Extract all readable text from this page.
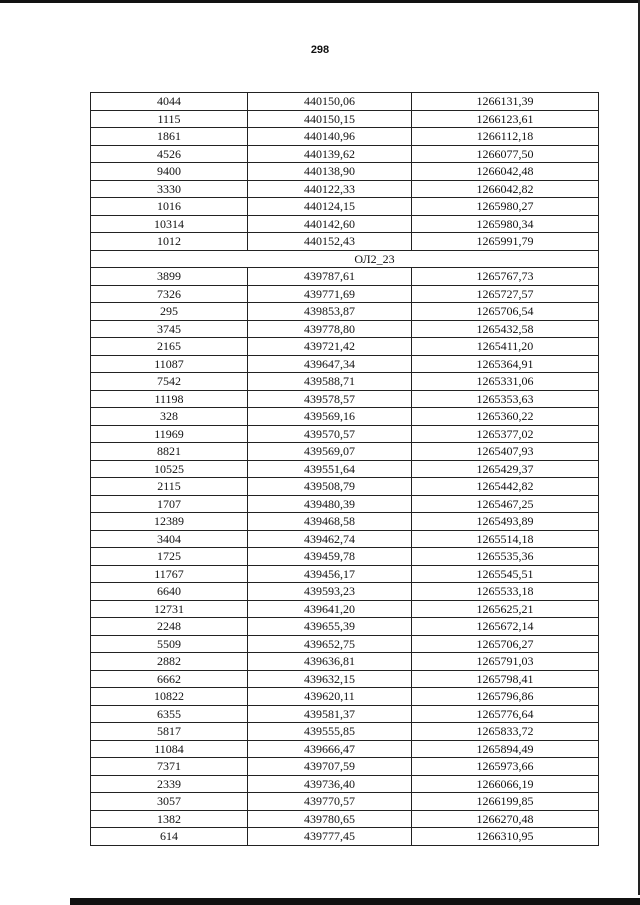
298
4044	440150,06	1266131,39
1115	440150,15	1266123,61
1861	440140,96	1266112,18
4526	440139,62	1266077,50
9400	440138,90	1266042,48
3330	440122,33	1266042,82
1016	440124,15	1265980,27
10314	440142,60	1265980,34
1012	440152,43	1265991,79
ОЛ2_23		
3899	439787,61	1265767,73
7326	439771,69	1265727,57
295	439853,87	1265706,54
3745	439778,80	1265432,58
2165	439721,42	1265411,20
11087	439647,34	1265364,91
7542	439588,71	1265331,06
11198	439578,57	1265353,63
328	439569,16	1265360,22
11969	439570,57	1265377,02
8821	439569,07	1265407,93
10525	439551,64	1265429,37
2115	439508,79	1265442,82
1707	439480,39	1265467,25
12389	439468,58	1265493,89
3404	439462,74	1265514,18
1725	439459,78	1265535,36
11767	439456,17	1265545,51
6640	439593,23	1265533,18
12731	439641,20	1265625,21
2248	439655,39	1265672,14
5509	439652,75	1265706,27
2882	439636,81	1265791,03
6662	439632,15	1265798,41
10822	439620,11	1265796,86
6355	439581,37	1265776,64
5817	439555,85	1265833,72
11084	439666,47	1265894,49
7371	439707,59	1265973,66
2339	439736,40	1266066,19
3057	439770,57	1266199,85
1382	439780,65	1266270,48
614	439777,45	1266310,95
